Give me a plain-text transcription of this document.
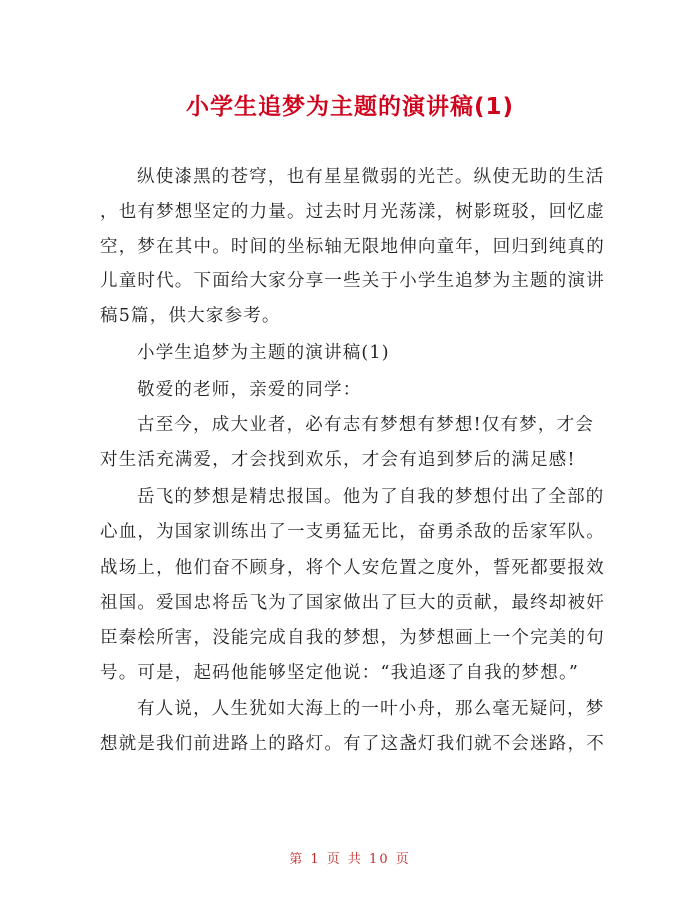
小学生追梦为主题的演讲稿(1)
纵使漆黑的苍穹，也有星星微弱的光芒。纵使无助的生活
，也有梦想坚定的力量。过去时月光荡漾，树影斑驳，回忆虚
空，梦在其中。时间的坐标轴无限地伸向童年，回归到纯真的
儿童时代。下面给大家分享一些关于小学生追梦为主题的演讲
稿5篇，供大家参考。
小学生追梦为主题的演讲稿(1)
敬爱的老师，亲爱的同学：
古至今，成大业者，必有志有梦想有梦想!仅有梦，才会
对生活充满爱，才会找到欢乐，才会有追到梦后的满足感!
岳飞的梦想是精忠报国。他为了自我的梦想付出了全部的
心血，为国家训练出了一支勇猛无比，奋勇杀敌的岳家军队。
战场上，他们奋不顾身，将个人安危置之度外，誓死都要报效
祖国。爱国忠将岳飞为了国家做出了巨大的贡献，最终却被奸
臣秦桧所害，没能完成自我的梦想，为梦想画上一个完美的句
号。可是，起码他能够坚定他说：“我追逐了自我的梦想。”
有人说，人生犹如大海上的一叶小舟，那么毫无疑问，梦
想就是我们前进路上的路灯。有了这盏灯我们就不会迷路，不
第 1 页 共 10 页
